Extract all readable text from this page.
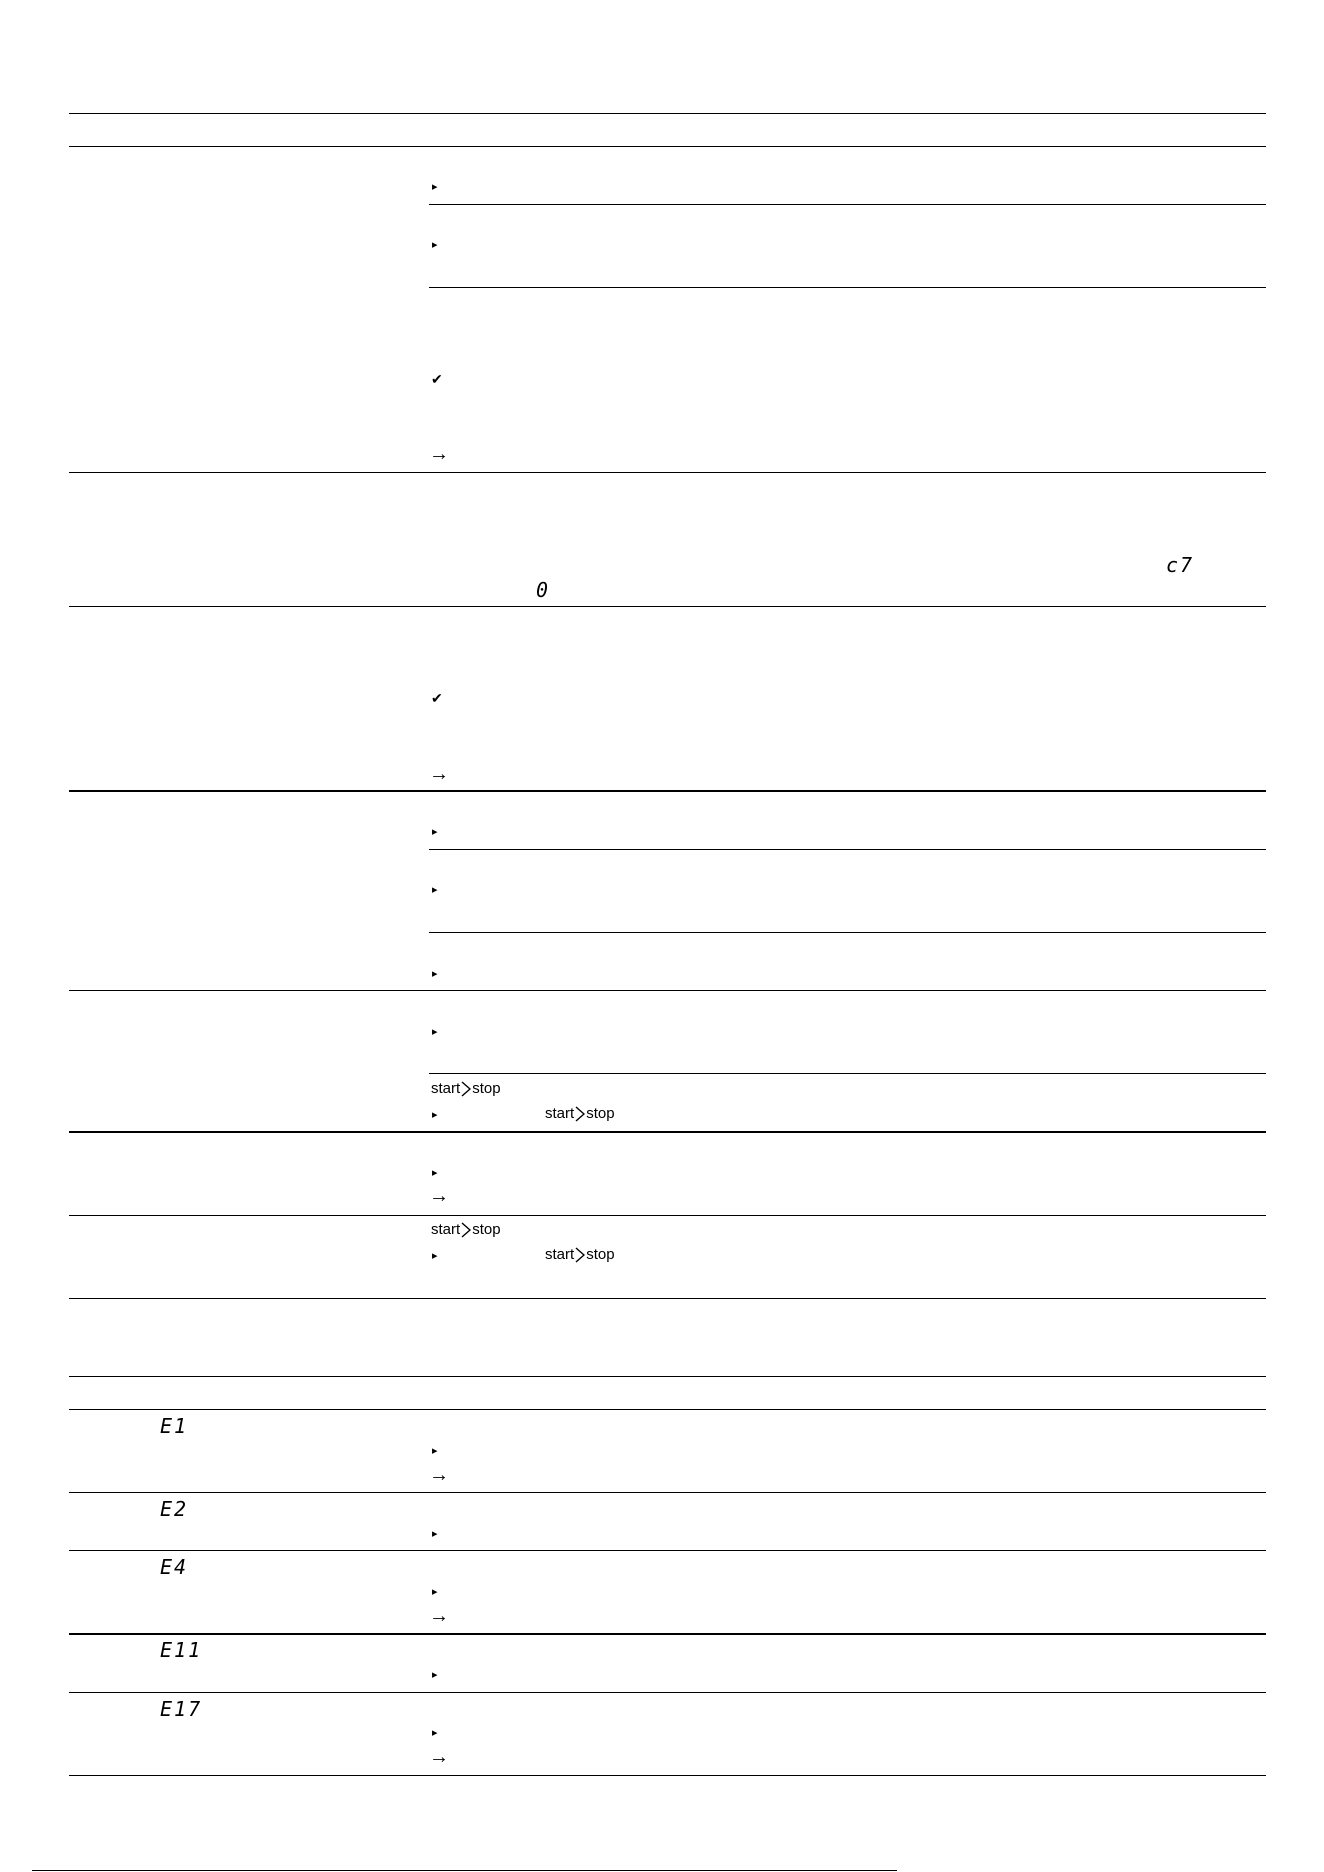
▸
▸
▸
▸
▸
▸
▸
▸
▸
▸
▸
▸
▸
▸
→
→
→
→
→
→
✔
✔
c7
0
E1
E2
E4
E11
E17
start stop
start stop
start stop
start stop
